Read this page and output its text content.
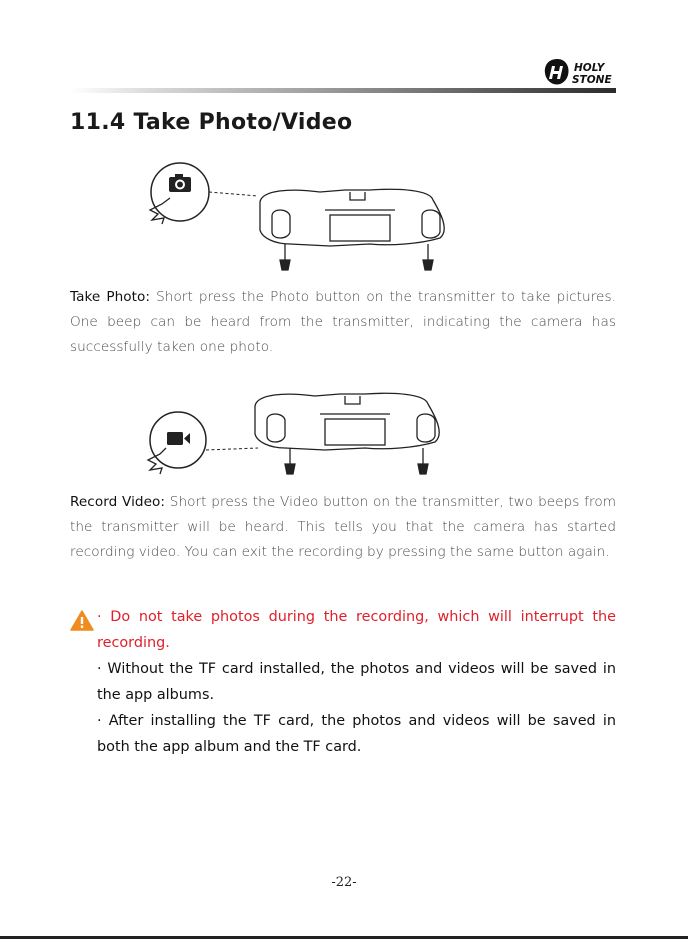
HOLY
STONE
11.4 Take Photo/Video

Take Photo: Short press the Photo button on the transmitter to take pictures. One beep can be heard from the transmitter, indicating the camera has successfully taken one photo.

Record Video: Short press the Video button on the transmitter, two beeps from the transmitter will be heard. This tells you that the camera has started recording video. You can exit the recording by pressing the same button again.

· Do not take photos during the recording, which will interrupt the recording.

· Without the TF card installed, the photos and videos will be saved in the app albums.

· After installing the TF card, the photos and videos will be saved in both the app album and the TF card.

-22-
